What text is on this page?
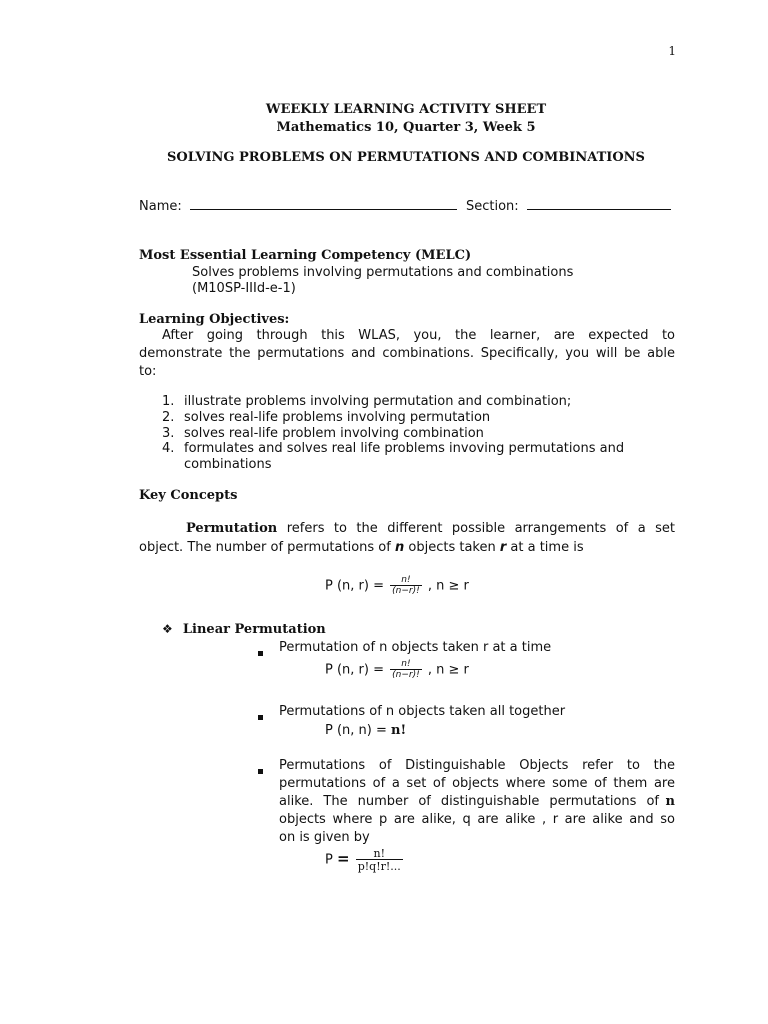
1
WEEKLY LEARNING ACTIVITY SHEET
Mathematics 10, Quarter 3, Week 5
SOLVING PROBLEMS ON PERMUTATIONS AND COMBINATIONS
Name:	Section:
Most Essential Learning Competency (MELC)
Solves problems involving permutations and combinations
(M10SP-IIId-e-1)
Learning Objectives:
After going through this WLAS, you, the learner, are expected to
demonstrate the permutations and combinations. Specifically, you will be able
to:
1. illustrate problems involving permutation and combination;
2. solves real-life problems involving permutation
3. solves real-life problem involving combination
4. formulates and solves real life problems invoving permutations and
combinations
Key Concepts
Permutation refers to the different possible arrangements of a set
object. The number of permutations of n objects taken r at a time is
P (n, $r) = \frac{n!}{(n-r)!}$ , n ≥ r
❖ Linear Permutation
Permutation of n objects taken r at a time
P (n, $r) = \frac{n!}{(n-r)!}$ , n ≥ r
Permutations of n objects taken all together
P (n, n) = n!
Permutations of Distinguishable Objects refer to the
permutations of a set of objects where some of them are
alike. The number of distinguishable permutations of n
objects where p are alike, q are alike , r are alike and so
on is given by
$P = \frac{n!}{p!q!r!...}$
